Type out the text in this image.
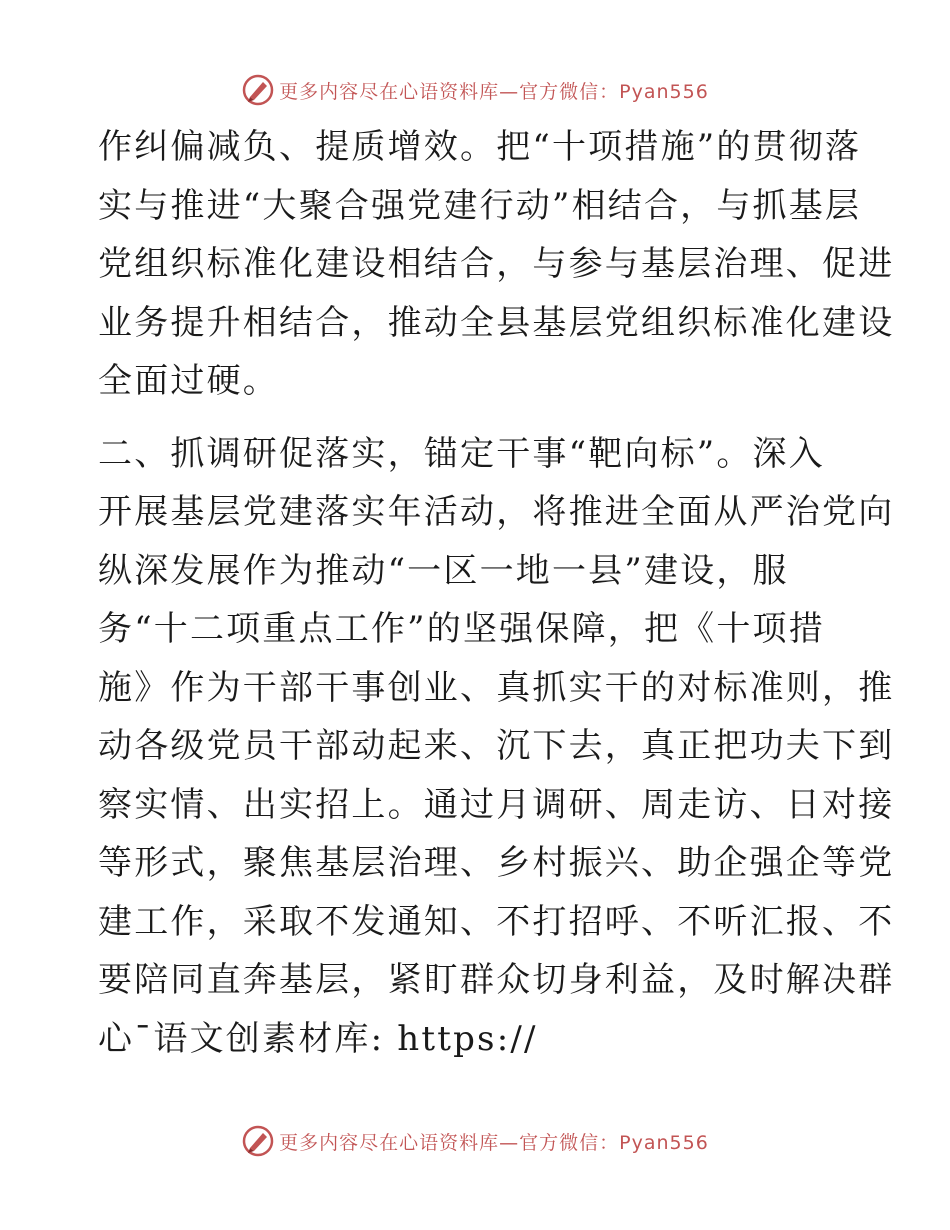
更多内容尽在心语资料库—官方微信：Pyan556
作纠偏减负、提质增效。把“十项措施”的贯彻落
实与推进“大聚合强党建行动”相结合，与抓基层
党组织标准化建设相结合，与参与基层治理、促进
业务提升相结合，推动全县基层党组织标准化建设
全面过硬。
二、抓调研促落实，锚定干事“靶向标”。深入
开展基层党建落实年活动，将推进全面从严治党向
纵深发展作为推动“一区一地一县”建设，服
务“十二项重点工作”的坚强保障，把《十项措
施》作为干部干事创业、真抓实干的对标准则，推
动各级党员干部动起来、沉下去，真正把功夫下到
察实情、出实招上。通过月调研、周走访、日对接
等形式，聚焦基层治理、乡村振兴、助企强企等党
建工作，采取不发通知、不打招呼、不听汇报、不
要陪同直奔基层，紧盯群众切身利益，及时解决群
心¯语文创素材库: https://
更多内容尽在心语资料库—官方微信：Pyan556
